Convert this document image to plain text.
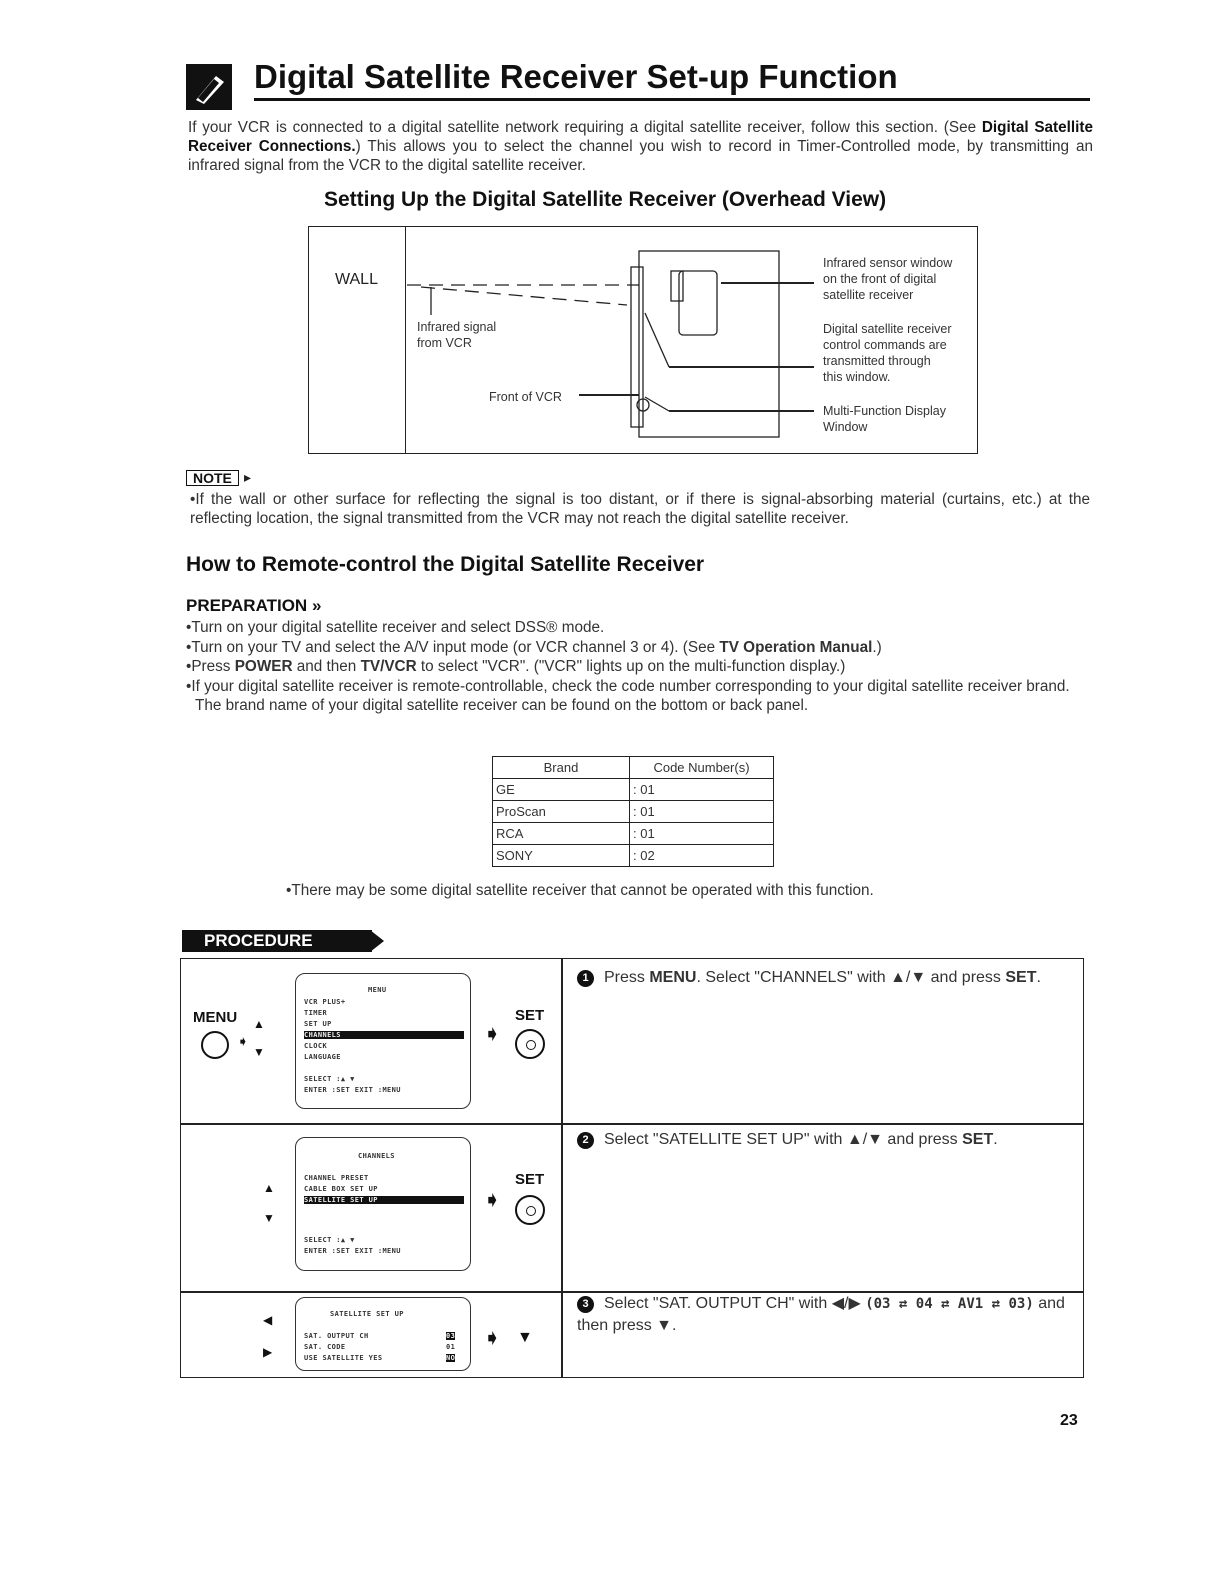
Digital Satellite Receiver Set-up Function
If your VCR is connected to a digital satellite network requiring a digital satellite receiver, follow this section. (See Digital Satellite Receiver Connections.) This allows you to select the channel you wish to record in Timer-Controlled mode, by transmitting an infrared signal from the VCR to the digital satellite receiver.
Setting Up the Digital Satellite Receiver (Overhead View)
WALL
Infrared signal
from VCR
Front of VCR
Infrared sensor window
on the front of digital
satellite receiver
Digital satellite receiver
control commands are
transmitted through
this window.
Multi-Function Display
Window
NOTE ▸
•If the wall or other surface for reflecting the signal is too distant, or if there is signal-absorbing material (curtains, etc.) at the reflecting location, the signal transmitted from the VCR may not reach the digital satellite receiver.
How to Remote-control the Digital Satellite Receiver
PREPARATION »
•Turn on your digital satellite receiver and select DSS® mode.
•Turn on your TV and select the A/V input mode (or VCR channel 3 or 4). (See TV Operation Manual.)
•Press POWER and then TV/VCR to select "VCR". ("VCR" lights up on the multi-function display.)
•If your digital satellite receiver is remote-controllable, check the code number corresponding to your digital satellite receiver brand.
The brand name of your digital satellite receiver can be found on the bottom or back panel.
Brand	Code Number(s)
GE	: 01
ProScan	: 01
RCA	: 01
SONY	: 02
•There may be some digital satellite receiver that cannot be operated with this function.
PROCEDURE
MENU
➧
▲
▼
MENU
VCR PLUS+
TIMER
SET UP
CHANNELS
CLOCK
LANGUAGE
SELECT :▲ ▼
ENTER :SET EXIT :MENU
➧
SET
1 Press MENU. Select "CHANNELS" with ▲/▼ and press SET.
▲
▼
CHANNELS
CHANNEL PRESET
CABLE BOX SET UP
SATELLITE SET UP
SELECT :▲ ▼
ENTER :SET EXIT :MENU
➧
SET
2 Select "SATELLITE SET UP" with ▲/▼ and press SET.
◀
▶
SATELLITE SET UP
SAT. OUTPUT CH
SAT. CODE
USE SATELLITE YES
03
01
NO
➧ ▼
3 Select "SAT. OUTPUT CH" with ◀/▶ (03 ⇄ 04 ⇄ AV1 ⇄ 03) and then press ▼.
23
